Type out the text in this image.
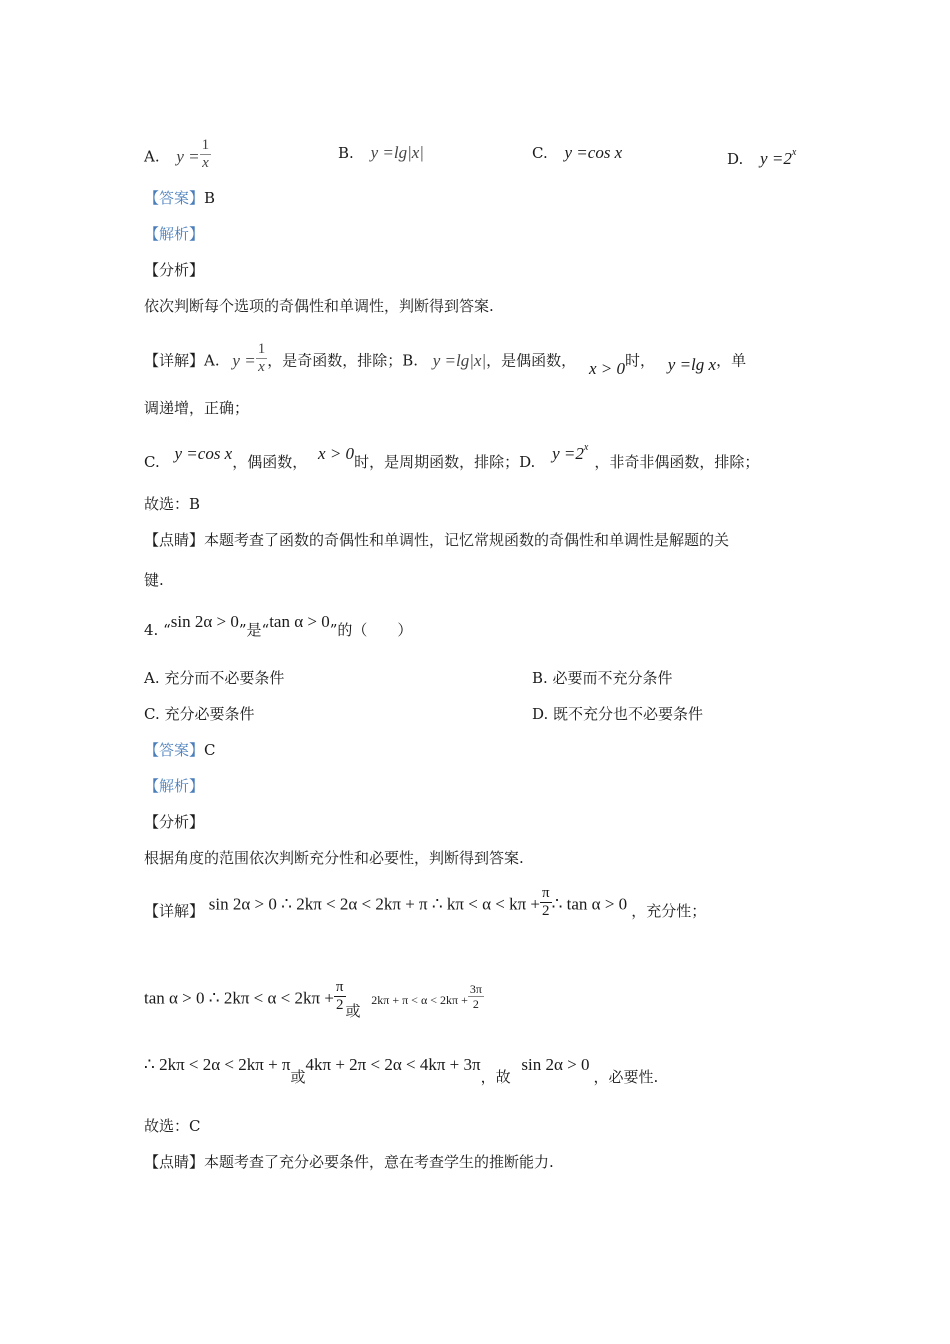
A. $y = \frac{1}{x}$	B. y =lg|x|	C. y =cos x	D. $y =2^x$
【答案】B
【解析】
【分析】
依次判断每个选项的奇偶性和单调性，判断得到答案.
【详解】A. $y = \frac{1}{x}$ ，是奇函数，排除；B. y =lg|x|，是偶函数， x > 0时， y =lg x，单
调递增，正确；
C. y =cos x，偶函数， x > 0时，是周期函数，排除；D. $y =2^x$，非奇非偶函数，排除；
故选：B
【点睛】本题考查了函数的奇偶性和单调性，记忆常规函数的奇偶性和单调性是解题的关
键.
4. “sin 2α > 0”是“tan α > 0”的（　　）
A. 充分而不必要条件	B. 必要而不充分条件
C. 充分必要条件	D. 既不充分也不必要条件
【答案】C
【解析】
【分析】
根据角度的范围依次判断充分性和必要性，判断得到答案.
【详解】 sin 2α > 0 ∴ 2kπ < 2α < 2kπ + π ∴ $k\pi < \alpha < k\pi + \frac{\pi}{2}$ ∴ tan α > 0 ，充分性；
tan α > 0 ∴ $2k\pi < \alpha < 2k\pi + \frac{\pi}{2}$ 或 $2k\pi + \pi < \alpha < 2k\pi + \frac{3\pi}{2}$
∴ 2kπ < 2α < 2kπ + π或4kπ + 2π < 2α < 4kπ + 3π，故 sin 2α > 0，必要性.
故选：C
【点睛】本题考查了充分必要条件，意在考查学生的推断能力.
